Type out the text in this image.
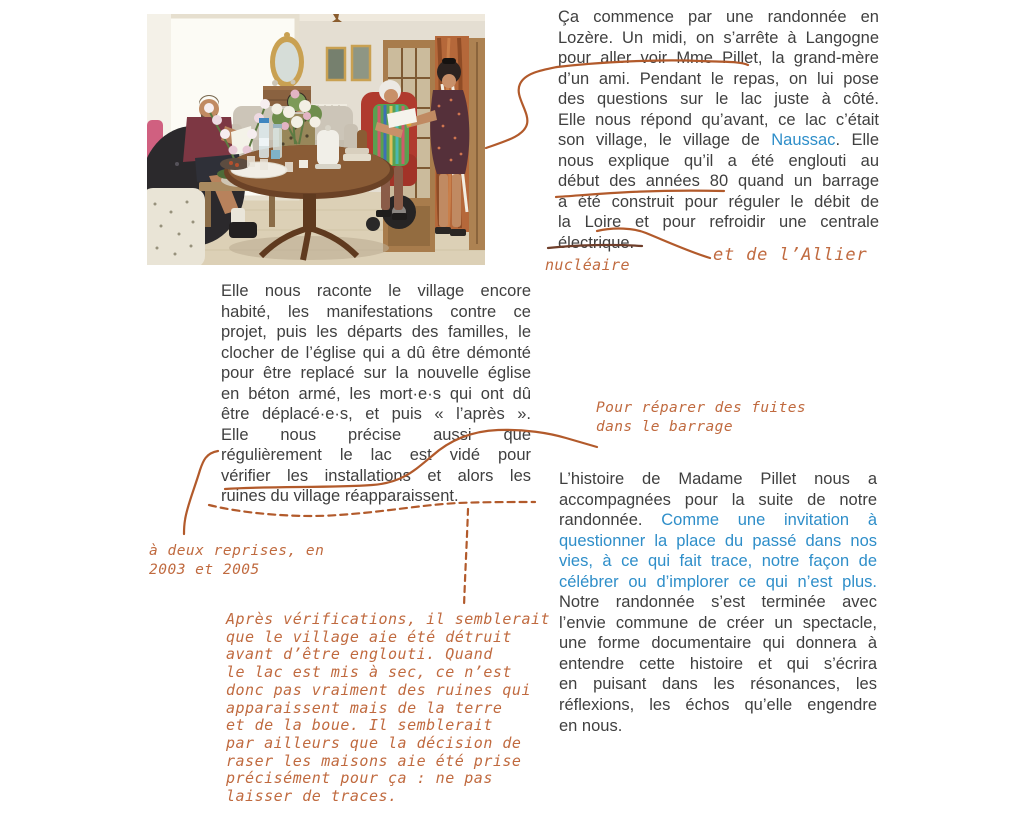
Ça commence par une randonnée en
Lozère. Un midi, on s’arrête à Langogne
pour aller voir Mme Pillet, la grand-mère
d’un ami. Pendant le repas, on lui pose
des questions sur le lac juste à côté.
Elle nous répond qu’avant, ce lac c’était
son village, le village de Naussac. Elle
nous explique qu’il a été englouti au
début des années 80 quand un barrage
a été construit pour réguler le débit de
la Loire et pour refroidir une centrale
électrique.
Elle nous raconte le village encore
habité, les manifestations contre ce
projet, puis les départs des familles, le
clocher de l’église qui a dû être démonté
pour être replacé sur la nouvelle église
en béton armé, les mort·e·s qui ont dû
être déplacé·e·s, et puis « l’après ».
Elle nous précise aussi que
régulièrement le lac est vidé pour
vérifier les installations et alors les
ruines du village réapparaissent.
L’histoire de Madame Pillet nous a
accompagnées pour la suite de notre
randonnée. Comme une invitation à
questionner la place du passé dans nos
vies, à ce qui fait trace, notre façon de
célébrer ou d’implorer ce qui n’est plus.
Notre randonnée s’est terminée avec
l’envie commune de créer un spectacle,
une forme documentaire qui donnera à
entendre cette histoire et qui s’écrira
en puisant dans les résonances, les
réflexions, les échos qu’elle engendre
en nous.
nucléaire	et de l’Allier
Pour réparer des fuites
dans le barrage
à deux reprises, en
2003 et 2005
Après vérifications, il semblerait
que le village aie été détruit
avant d’être englouti. Quand
le lac est mis à sec, ce n’est
donc pas vraiment des ruines qui
apparaissent mais de la terre
et de la boue. Il semblerait
par ailleurs que la décision de
raser les maisons aie été prise
précisément pour ça : ne pas
laisser de traces.
